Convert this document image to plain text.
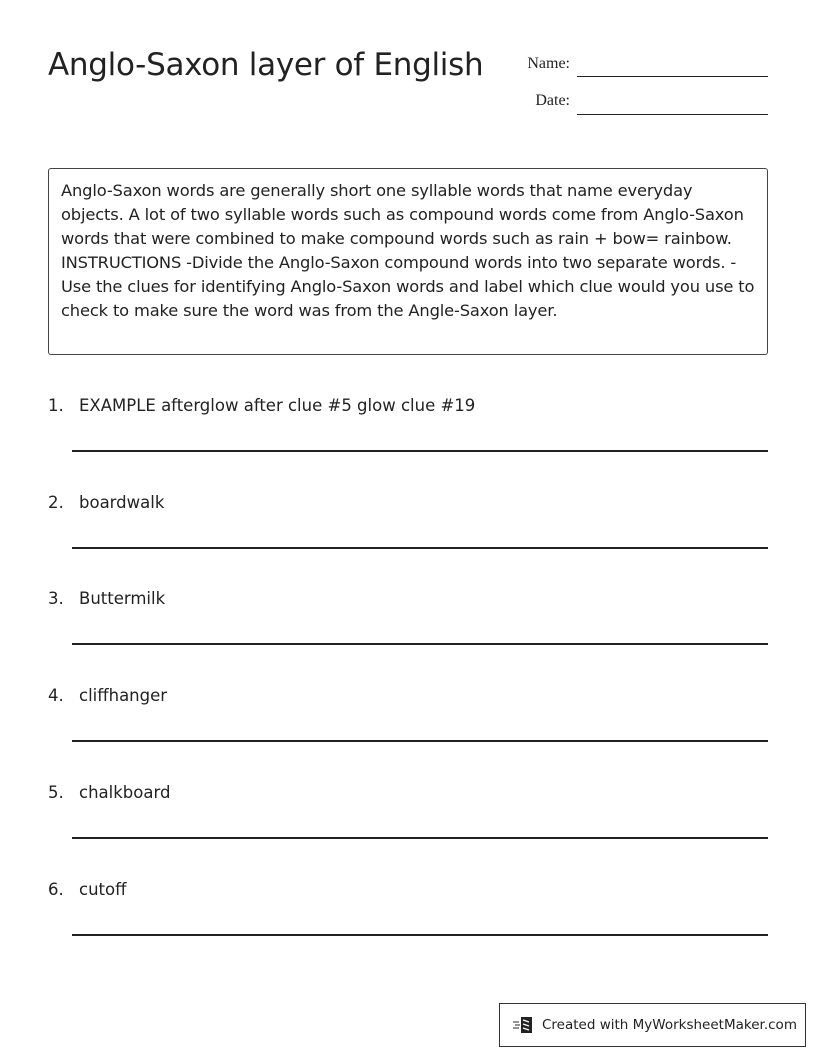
Anglo-Saxon layer of English	Name:
Date:
Anglo-Saxon words are generally short one syllable words that name everyday objects. A lot of two syllable words such as compound words come from Anglo-Saxon words that were combined to make compound words such as rain + bow= rainbow. INSTRUCTIONS -Divide the Anglo-Saxon compound words into two separate words. -Use the clues for identifying Anglo-Saxon words and label which clue would you use to check to make sure the word was from the Angle-Saxon layer.
1. EXAMPLE afterglow after clue #5 glow clue #19
2. boardwalk
3. Buttermilk
4. cliffhanger
5. chalkboard
6. cutoff
Created with MyWorksheetMaker.com
